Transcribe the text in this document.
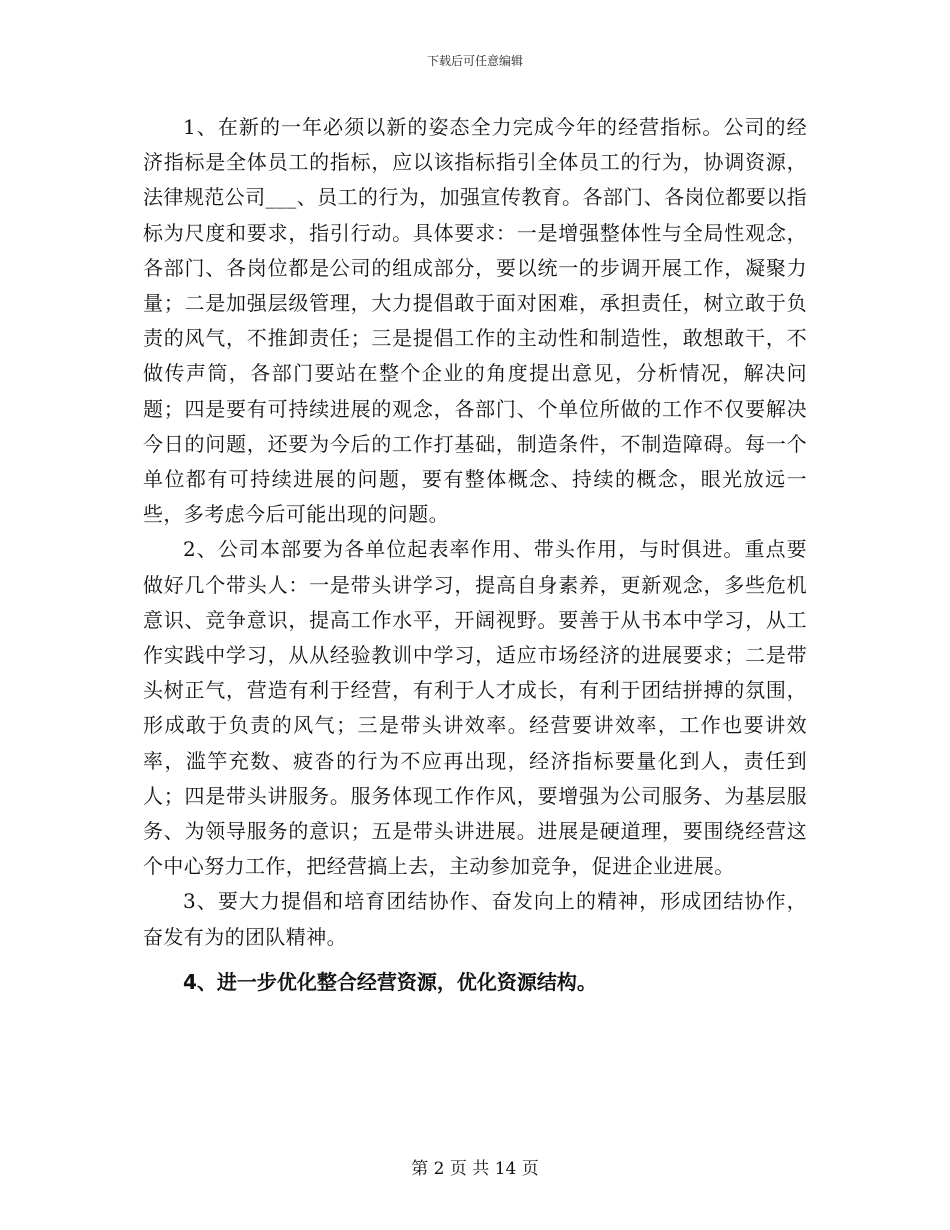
下载后可任意编辑

1、在新的一年必须以新的姿态全力完成今年的经营指标。公司的经济指标是全体员工的指标，应以该指标指引全体员工的行为，协调资源，法律规范公司___、员工的行为，加强宣传教育。各部门、各岗位都要以指标为尺度和要求，指引行动。具体要求：一是增强整体性与全局性观念，各部门、各岗位都是公司的组成部分，要以统一的步调开展工作，凝聚力量；二是加强层级管理，大力提倡敢于面对困难，承担责任，树立敢于负责的风气，不推卸责任；三是提倡工作的主动性和制造性，敢想敢干，不做传声筒，各部门要站在整个企业的角度提出意见，分析情况，解决问题；四是要有可持续进展的观念，各部门、个单位所做的工作不仅要解决今日的问题，还要为今后的工作打基础，制造条件，不制造障碍。每一个单位都有可持续进展的问题，要有整体概念、持续的概念，眼光放远一些，多考虑今后可能出现的问题。

2、公司本部要为各单位起表率作用、带头作用，与时俱进。重点要做好几个带头人：一是带头讲学习，提高自身素养，更新观念，多些危机意识、竞争意识，提高工作水平，开阔视野。要善于从书本中学习，从工作实践中学习，从从经验教训中学习，适应市场经济的进展要求；二是带头树正气，营造有利于经营，有利于人才成长，有利于团结拼搏的氛围，形成敢于负责的风气；三是带头讲效率。经营要讲效率，工作也要讲效率，滥竽充数、疲沓的行为不应再出现，经济指标要量化到人，责任到人；四是带头讲服务。服务体现工作作风，要增强为公司服务、为基层服务、为领导服务的意识；五是带头讲进展。进展是硬道理，要围绕经营这个中心努力工作，把经营搞上去，主动参加竞争，促进企业进展。

3、要大力提倡和培育团结协作、奋发向上的精神，形成团结协作，奋发有为的团队精神。

4、进一步优化整合经营资源，优化资源结构。

第 2 页 共 14 页
